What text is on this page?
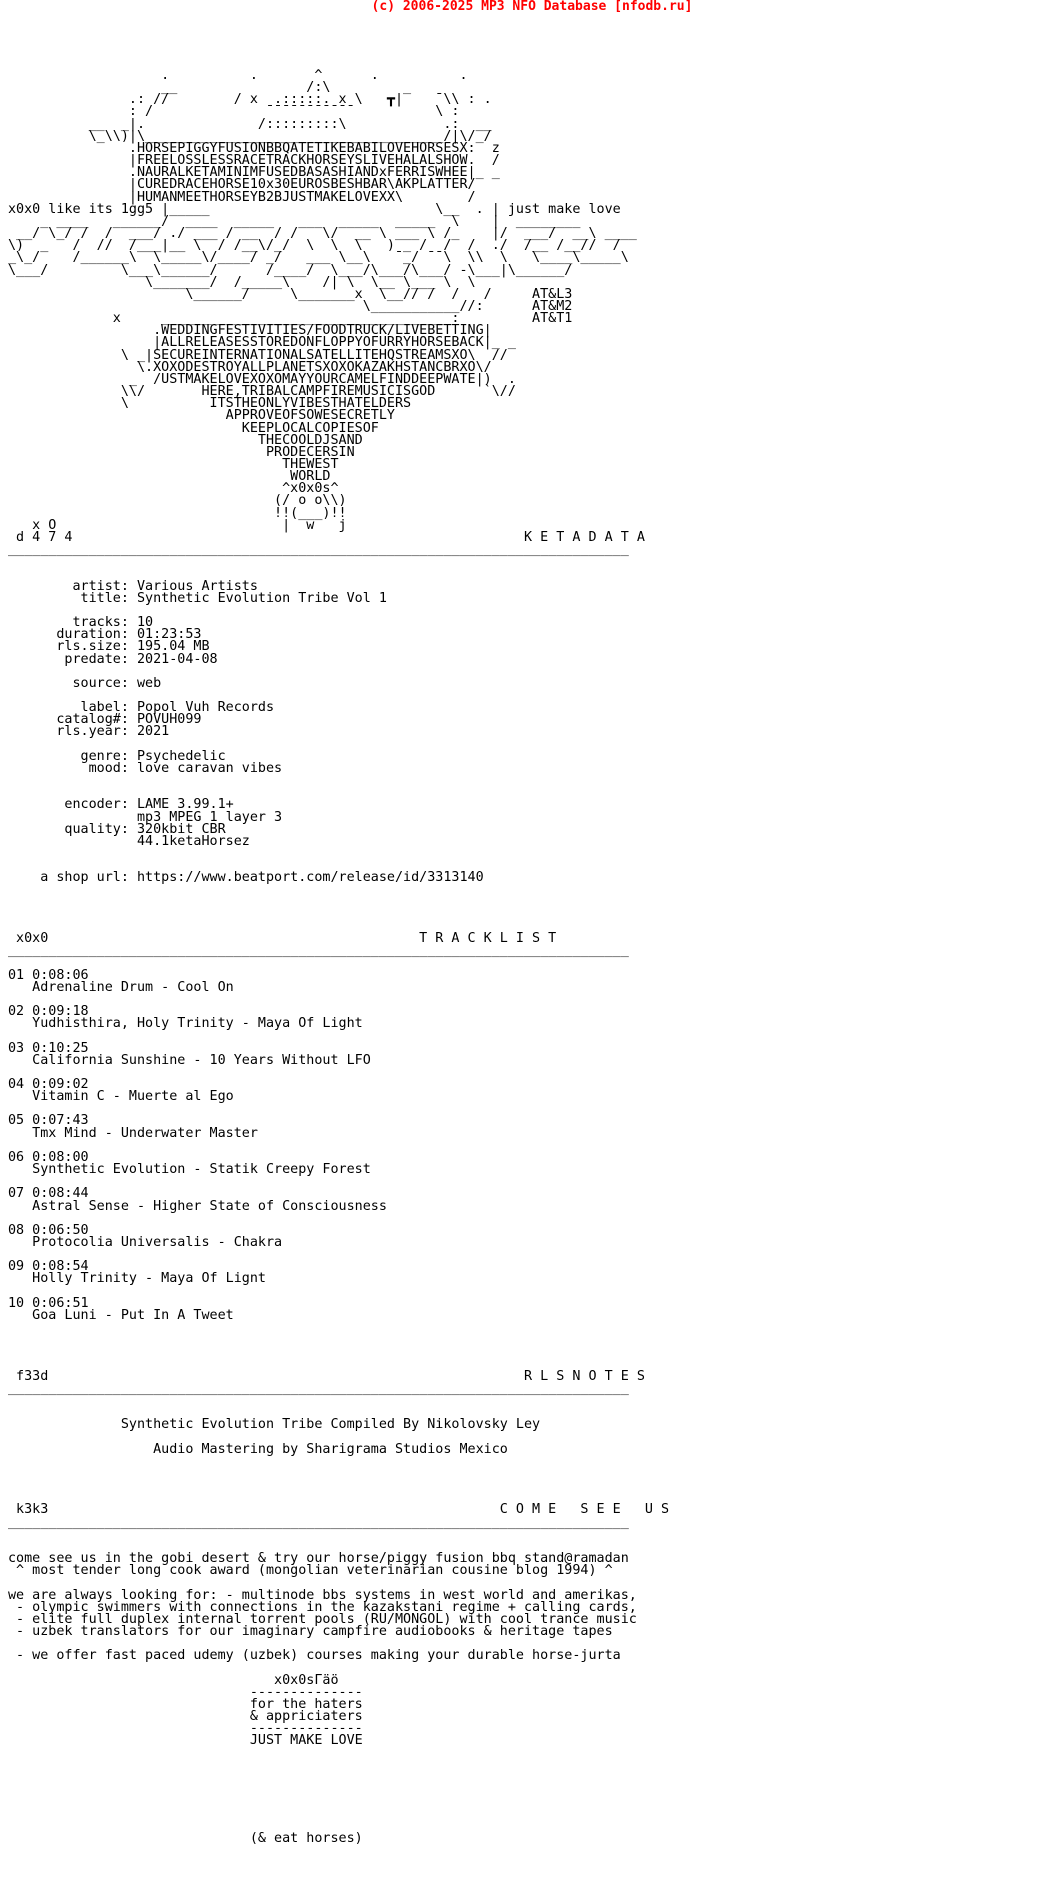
(c) 2006-2025 MP3 NFO Database [nfodb.ru]
.          .       ^      .          .
__                /:\         _
.: //        / x  .:::::. x \   ┳|    ¯\\ : .
: /              ¯¯¯¯¯¯¯¯¯¯¯          \ :
__  _|.              /:::::::::\            .:  __
\_\\)|\_____________________________________/|\/_/
.HORSEPIGGYFUSIONBBQATETIKEBABILOVEHORSESX:  z
|FREELOSSLESSRACETRACKHORSEYSLIVEHALALSHOW.  /
.NAURALKETAMINIMFUSEDBASASHIANDxFERRISWHEE|_ _
|CUREDRACEHORSE10x30EUROSBESHBAR\AKPLATTER/
|HUMANMEETHORSEYB2BJUSTMAKELOVEXX\        /
x0x0 like its 1gg5 |_____                            \__  . | just make love
_ ____   ______/  ____  _____   ___  _____  _____  \    |  ________
__/ \_/ /  /  ___/ ./ ___ / __  / /   \/  __ \ ___ \ /_    |/  ___/  __\ ____
\)  _   /  //  /___|__ \  / /__\/_/  \  \  \   ) _ /  /  /  ./  /__ /__//  /
_\_/    /______\  \_____\/____/ _/   ___ \__\   ¯_/ ¯¯\  \\  \   \____\_____\
\___/         \___\______/      /____/  \___/\___/\___/ -\___|\______/
\_______/  /_____\    /| \  \__ \___ \  \        _
\______/     \_______x  \__// /  /   /     AT&L3
\___________//:      AT&M2
x     ___________________________________ :         AT&T1
.WEDDINGFESTIVITIES/FOODTRUCK/LIVEBETTING|
|ALLRELEASESSTOREDONFLOPPYOFURRYHORSEBACK|_ _
\ _|SECUREINTERNATIONALSATELLITEHQSTREAMSXO\  //
\.XOXODESTROYALLPLANETSXOXOKAZAKHSTANCBRXO\/
_  /USTMAKELOVEXOXOMAYYOURCAMELFINDDEEPWATE|)  .
\\/       HERE,TRIBALCAMPFIREMUSICISGOD      `\//
\          ITSTHEONLYVIBESTHATELDERS
APPROVEOFSOWESECRETLY
KEEPLOCALCOPIESOF
THECOOLDJSAND
PRODECERSIN
THEWEST
WORLD
^x0x0s^
(/ o o\\)
!!(___)!!
x O                            |  w   j
d 4 7 4                                                        K E T A D A T A
_____________________________________________________________________________

artist: Various Artists
title: Synthetic Evolution Tribe Vol 1

tracks: 10
duration: 01:23:53
rls.size: 195.04 MB
predate: 2021-04-08

source: web

label: Popol Vuh Records
catalog#: POVUH099
rls.year: 2021

genre: Psychedelic
mood: love caravan vibes

encoder: LAME 3.99.1+
mp3 MPEG 1 layer 3
quality: 320kbit CBR
44.1ketaHorsez

a shop url: https://www.beatport.com/release/id/3313140

x0x0                                              T R A C K L I S T
_____________________________________________________________________________

01 0:08:06
Adrenaline Drum - Cool On

02 0:09:18
Yudhisthira, Holy Trinity - Maya Of Light

03 0:10:25
California Sunshine - 10 Years Without LFO

04 0:09:02
Vitamin C - Muerte al Ego

05 0:07:43
Tmx Mind - Underwater Master

06 0:08:00
Synthetic Evolution - Statik Creepy Forest

07 0:08:44
Astral Sense - Higher State of Consciousness

08 0:06:50
Protocolia Universalis - Chakra

09 0:08:54
Holly Trinity - Maya Of Lignt

10 0:06:51
Goa Luni - Put In A Tweet

f33d                                                           R L S N O T E S
_____________________________________________________________________________

Synthetic Evolution Tribe Compiled By Nikolovsky Ley

Audio Mastering by Sharigrama Studios Mexico

k3k3                                                        C O M E   S E E   U S
_____________________________________________________________________________

come see us in the gobi desert & try our horse/piggy fusion bbq stand@ramadan
^ most tender long cook award (mongolian veterinarian cousine blog 1994) ^

we are always looking for: - multinode bbs systems in west world and amerikas,
- olympic swimmers with connections in the kazakstani regime + calling cards,
- elite full duplex internal torrent pools (RU/MONGOL) with cool trance music
- uzbek translators for our imaginary campfire audiobooks & heritage tapes

- we offer fast paced udemy (uzbek) courses making your durable horse-jurta

x0x0sГäö
--------------
for the haters
& appriciaters
--------------
JUST MAKE LOVE

(& eat horses)
